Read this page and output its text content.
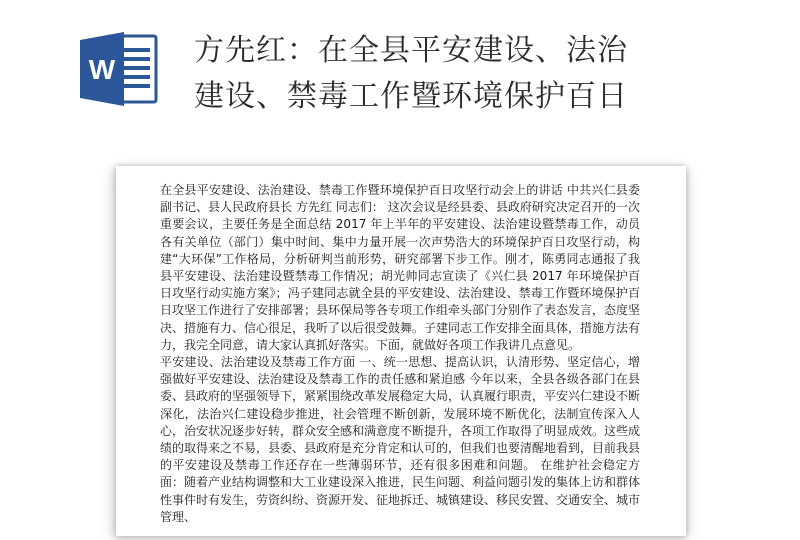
W
方先红：在全县平安建设、法治
建设、禁毒工作暨环境保护百日

在全县平安建设、法治建设、禁毒工作暨环境保护百日攻坚行动会上的讲话 中共兴仁县委副书记、县人民政府县长 方先红 同志们： 这次会议是经县委、县政府研究决定召开的一次重要会议，主要任务是全面总结 2017 年上半年的平安建设、法治建设暨禁毒工作，动员各有关单位（部门）集中时间、集中力量开展一次声势浩大的环境保护百日攻坚行动，构建“大环保”工作格局，分析研判当前形势，研究部署下步工作。刚才，陈勇同志通报了我县平安建设、法治建设暨禁毒工作情况；胡光帅同志宣读了《兴仁县 2017 年环境保护百日攻坚行动实施方案》；冯子建同志就全县的平安建设、法治建设、禁毒工作暨环境保护百日攻坚工作进行了安排部署；县环保局等各专项工作组牵头部门分别作了表态发言，态度坚决、措施有力、信心很足，我听了以后很受鼓舞。子建同志工作安排全面具体，措施方法有力，我完全同意，请大家认真抓好落实。下面，就做好各项工作我讲几点意见。

平安建设、法治建设及禁毒工作方面 一、统一思想、提高认识，认清形势、坚定信心，增强做好平安建设、法治建设及禁毒工作的责任感和紧迫感 今年以来，全县各级各部门在县委、县政府的坚强领导下，紧紧围绕改革发展稳定大局，认真履行职责，平安兴仁建设不断深化，法治兴仁建设稳步推进，社会管理不断创新，发展环境不断优化，法制宣传深入人心，治安状况逐步好转，群众安全感和满意度不断提升，各项工作取得了明显成效。这些成绩的取得来之不易，县委、县政府是充分肯定和认可的，但我们也要清醒地看到，目前我县的平安建设及禁毒工作还存在一些薄弱环节，还有很多困难和问题。 在维护社会稳定方面：随着产业结构调整和大工业建设深入推进，民生问题、利益问题引发的集体上访和群体性事件时有发生，劳资纠纷、资源开发、征地拆迁、城镇建设、移民安置、交通安全、城市管理、
